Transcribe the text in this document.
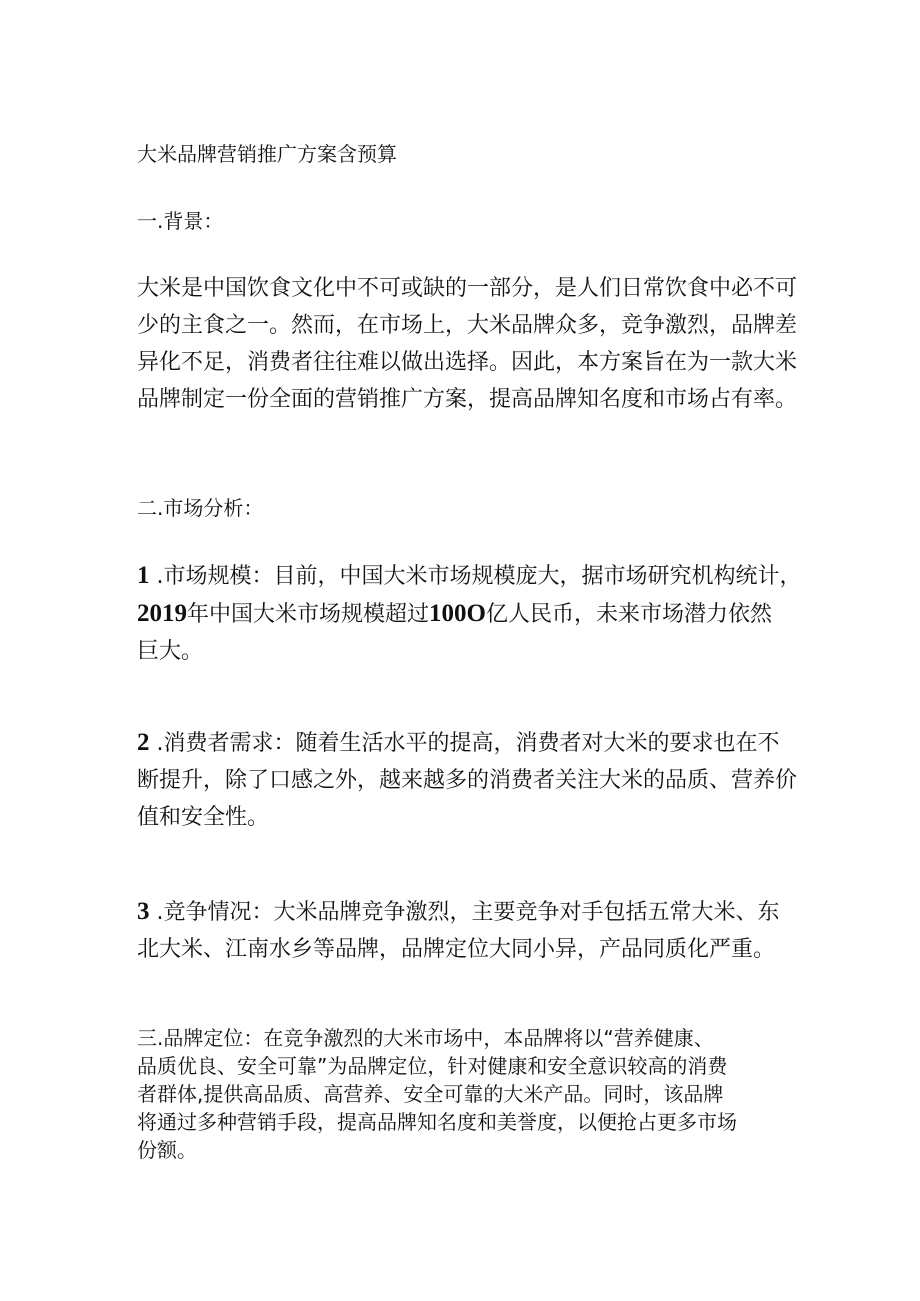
大米品牌营销推广方案含预算
一.背景：
大米是中国饮食文化中不可或缺的一部分，是人们日常饮食中必不可
少的主食之一。然而，在市场上，大米品牌众多，竞争激烈，品牌差
异化不足，消费者往往难以做出选择。因此，本方案旨在为一款大米
品牌制定一份全面的营销推广方案，提高品牌知名度和市场占有率。
二.市场分析：
1 .市场规模：目前，中国大米市场规模庞大，据市场研究机构统计，
2019年中国大米市场规模超过100O亿人民币，未来市场潜力依然
巨大。
2 .消费者需求：随着生活水平的提高，消费者对大米的要求也在不
断提升，除了口感之外，越来越多的消费者关注大米的品质、营养价
值和安全性。
3 .竞争情况：大米品牌竞争激烈，主要竞争对手包括五常大米、东
北大米、江南水乡等品牌，品牌定位大同小异，产品同质化严重。
三.品牌定位：在竞争激烈的大米市场中，本品牌将以“营养健康、
品质优良、安全可靠”为品牌定位，针对健康和安全意识较高的消费
者群体,提供高品质、高营养、安全可靠的大米产品。同时，该品牌
将通过多种营销手段，提高品牌知名度和美誉度，以便抢占更多市场
份额。
